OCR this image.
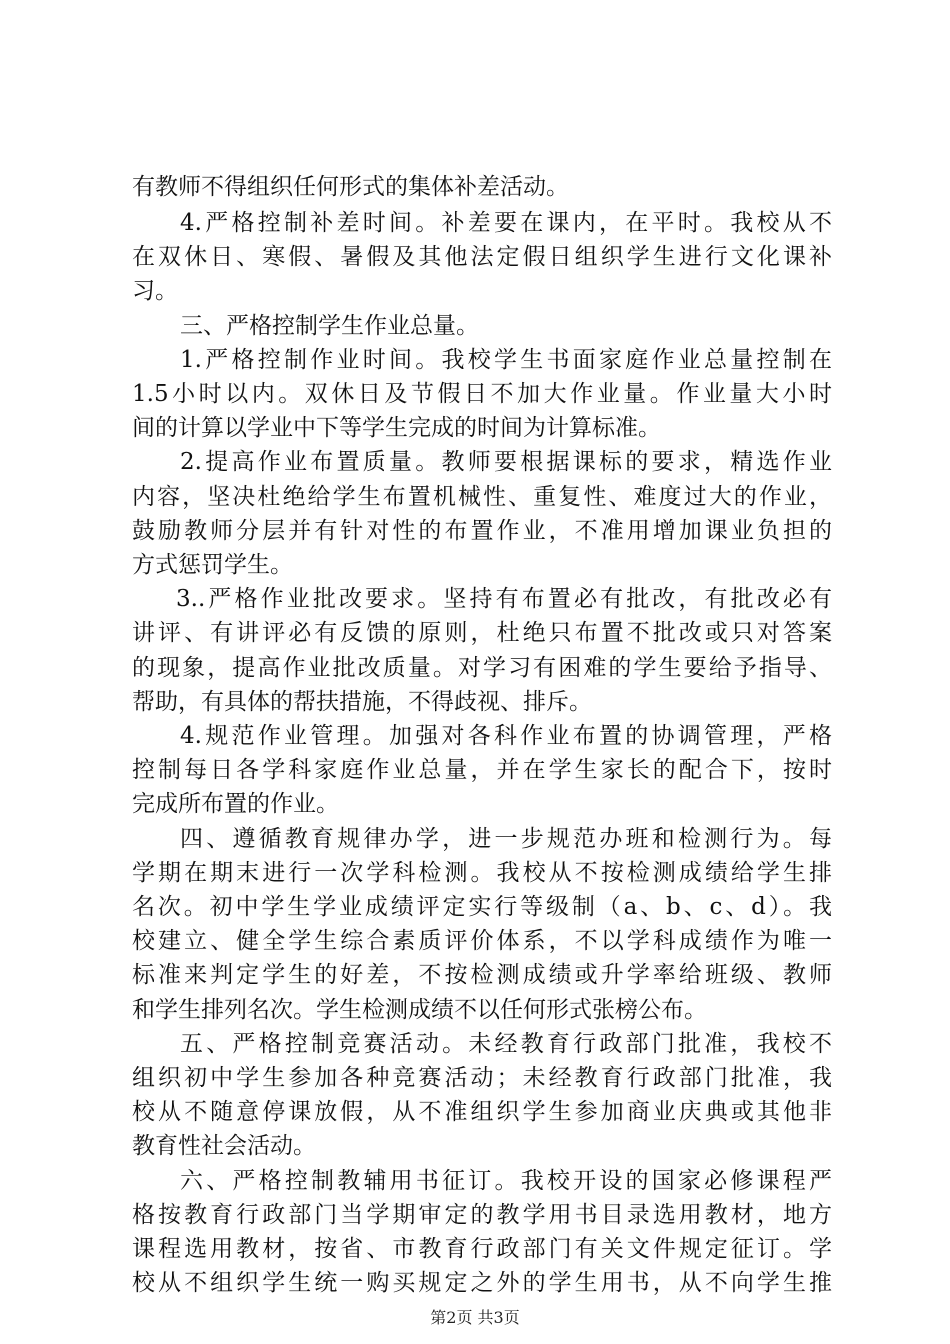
有教师不得组织任何形式的集体补差活动。
4.严格控制补差时间。补差要在课内，在平时。我校从不
在双休日、寒假、暑假及其他法定假日组织学生进行文化课补
习。
三、严格控制学生作业总量。
1.严格控制作业时间。我校学生书面家庭作业总量控制在
1.5小时以内。双休日及节假日不加大作业量。作业量大小时
间的计算以学业中下等学生完成的时间为计算标准。
2.提高作业布置质量。教师要根据课标的要求，精选作业
内容，坚决杜绝给学生布置机械性、重复性、难度过大的作业，
鼓励教师分层并有针对性的布置作业，不准用增加课业负担的
方式惩罚学生。
3..严格作业批改要求。坚持有布置必有批改，有批改必有
讲评、有讲评必有反馈的原则，杜绝只布置不批改或只对答案
的现象，提高作业批改质量。对学习有困难的学生要给予指导、
帮助，有具体的帮扶措施，不得歧视、排斥。
4.规范作业管理。加强对各科作业布置的协调管理，严格
控制每日各学科家庭作业总量，并在学生家长的配合下，按时
完成所布置的作业。
四、遵循教育规律办学，进一步规范办班和检测行为。每
学期在期末进行一次学科检测。我校从不按检测成绩给学生排
名次。初中学生学业成绩评定实行等级制（a、b、c、d）。我
校建立、健全学生综合素质评价体系，不以学科成绩作为唯一
标准来判定学生的好差，不按检测成绩或升学率给班级、教师
和学生排列名次。学生检测成绩不以任何形式张榜公布。
五、严格控制竞赛活动。未经教育行政部门批准，我校不
组织初中学生参加各种竞赛活动；未经教育行政部门批准，我
校从不随意停课放假，从不准组织学生参加商业庆典或其他非
教育性社会活动。
六、严格控制教辅用书征订。我校开设的国家必修课程严
格按教育行政部门当学期审定的教学用书目录选用教材，地方
课程选用教材，按省、市教育行政部门有关文件规定征订。学
校从不组织学生统一购买规定之外的学生用书，从不向学生推
第2页 共3页
